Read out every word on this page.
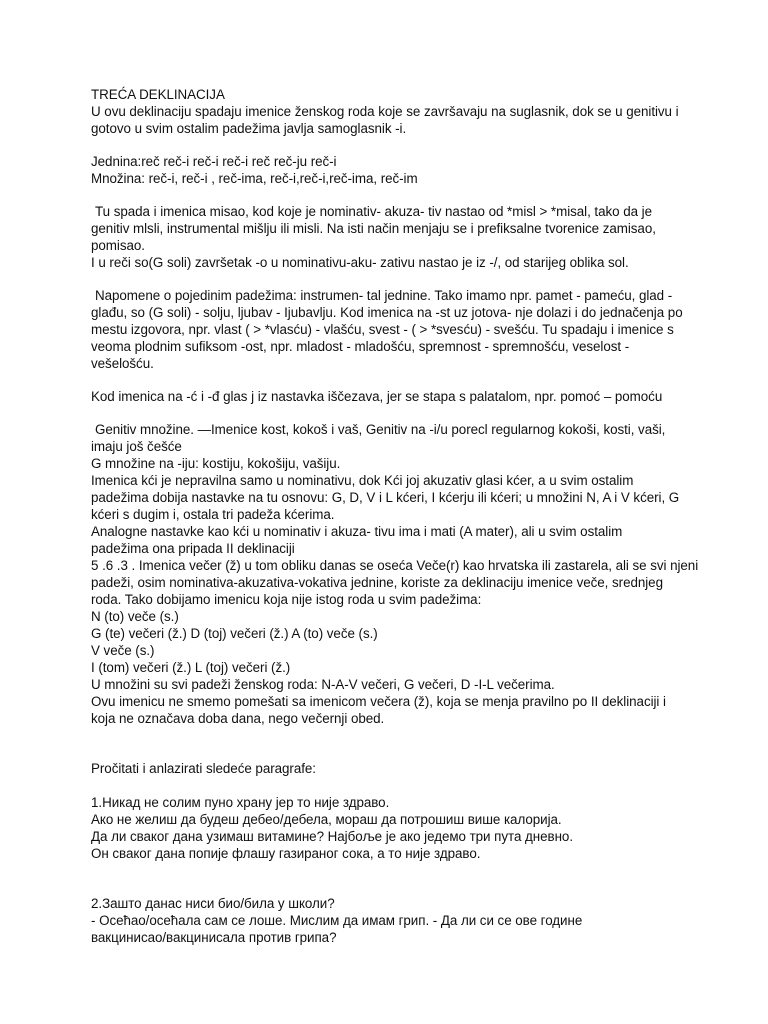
TREĆA DEKLINACIJA
U ovu deklinaciju spadaju imenice ženskog roda koje se završavaju na suglasnik, dok se u genitivu i
gotovo u svim ostalim padežima javlja samoglasnik -i.
Jednina:reč reč-i reč-i reč-i reč reč-ju reč-i
Množina: reč-i, reč-i , reč-ima, reč-i,reč-i,reč-ima, reč-im
Tu spada i imenica misao, kod koje je nominativ- akuza- tiv nastao od *misl > *misal, tako da je
genitiv mlsli, instrumental mišlju ili misli. Na isti način menjaju se i prefiksalne tvorenice zamisao,
pomisao.
I u reči so(G soli) završetak -o u nominativu-aku- zativu nastao je iz -/, od starijeg oblika sol.
Napomene o pojedinim padežima: instrumen- tal jednine. Tako imamo npr. pamet - pameću, glad -
glađu, so (G soli) - solju, ljubav - Ijubavlju. Kod imenica na -st uz jotova- nje dolazi i do jednačenja po
mestu izgovora, npr. vlast ( > *vlasću) - vlašću, svest - ( > *svesću) - svešću. Tu spadaju i imenice s
veoma plodnim sufiksom -ost, npr. mladost - mladošću, spremnost - spremnošću, veselost -
vešelošću.
Kod imenica na -ć i -đ glas j iz nastavka iščezava, jer se stapa s palatalom, npr. pomoć – pomoću
Genitiv množine. —Imenice kost, kokoš i vaš, Genitiv na -i/u porecl regularnog kokoši, kosti, vaši,
imaju još češće
G množine na -iju: kostiju, kokošiju, vašiju.
Imenica kći je nepravilna samo u nominativu, dok Kći joj akuzativ glasi kćer, a u svim ostalim
padežima dobija nastavke na tu osnovu: G, D, V i L kćeri, I kćerju ili kćeri; u množini N, A i V kćeri, G
kćeri s dugim i, ostala tri padeža kćerima.
Analogne nastavke kao kći u nominativ i akuza- tivu ima i mati (A mater), ali u svim ostalim
padežima ona pripada II deklinaciji
5 .6 .3 . Imenica večer (ž) u tom obliku danas se oseća Veče(r) kao hrvatska ili zastarela, ali se svi njeni
padeži, osim nominativa-akuzativa-vokativa jednine, koriste za deklinaciju imenice veče, srednjeg
roda. Tako dobijamo imenicu koja nije istog roda u svim padežima:
N (to) veče (s.)
G (te) večeri (ž.) D (toj) večeri (ž.) A (to) veče (s.)
V veče (s.)
I (tom) večeri (ž.) L (toj) večeri (ž.)
U množini su svi padeži ženskog roda: N-A-V večeri, G večeri, D -I-L večerima.
Ovu imenicu ne smemo pomešati sa imenicom večera (ž), koja se menja pravilno po II deklinaciji i
koja ne označava doba dana, nego večernji obed.
Pročitati i anlazirati sledeće paragrafe:
1.Никад не солим пуно храну јер то није здраво.
Ако не желиш да будеш дебео/дебела, мораш да потрошиш више калорија.
Да ли сваког дана узимаш витамине? Најбоље је ако једемо три пута дневно.
Он сваког дана попије флашу газираног сока, а то није здраво.
2.Зашто данас ниси био/била у школи?
- Осећао/осећала сам се лоше. Мислим да имам грип. - Да ли си се ове године
вакцинисао/вакцинисала против грипа?
